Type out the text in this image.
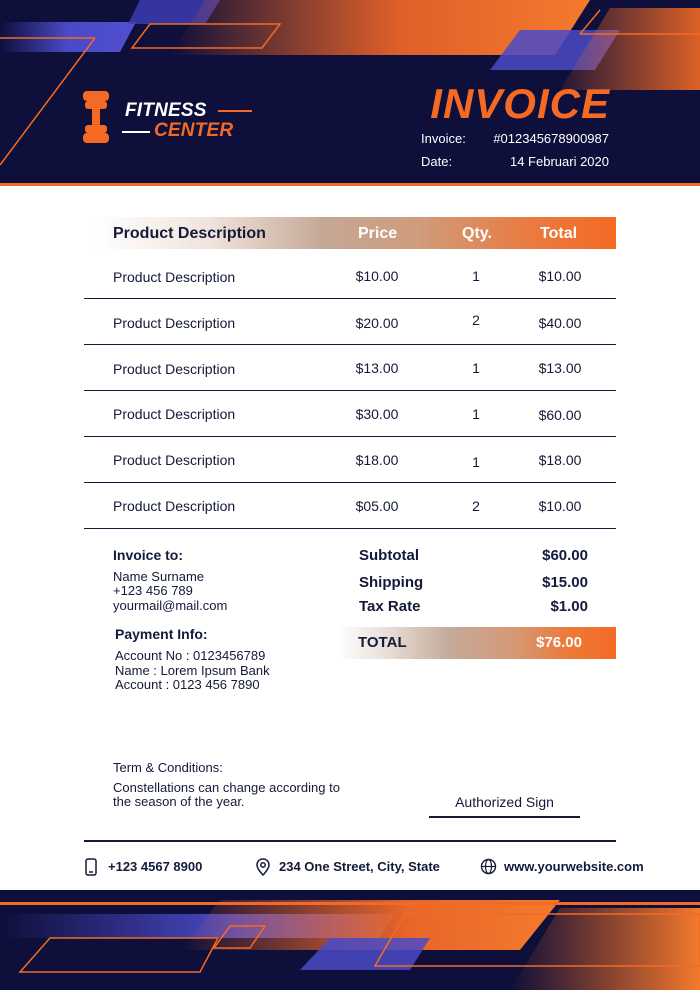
FITNESS
CENTER
INVOICE
Invoice: #012345678900987
Date:	14 Februari 2020
Product Description	Price	Qty.	Total
Product Description	$10.00	1	$10.00
Product Description	$20.00	2	$40.00
Product Description	$13.00	1	$13.00
Product Description	$30.00	1	$60.00
Product Description	$18.00	1	$18.00
Product Description	$05.00	2	$10.00
Invoice to:
Name Surname
+123 456 789
yourmail@mail.com
Payment Info:
Account No : 0123456789
Name : Lorem Ipsum Bank
Account : 0123 456 7890
Subtotal	$60.00
Shipping	$15.00
Tax Rate	$1.00
TOTAL	$76.00
Term & Conditions:
Constellations can change according to
the season of the year.	Authorized Sign
+123 4567 8900	234 One Street, City, State	www.yourwebsite.com
